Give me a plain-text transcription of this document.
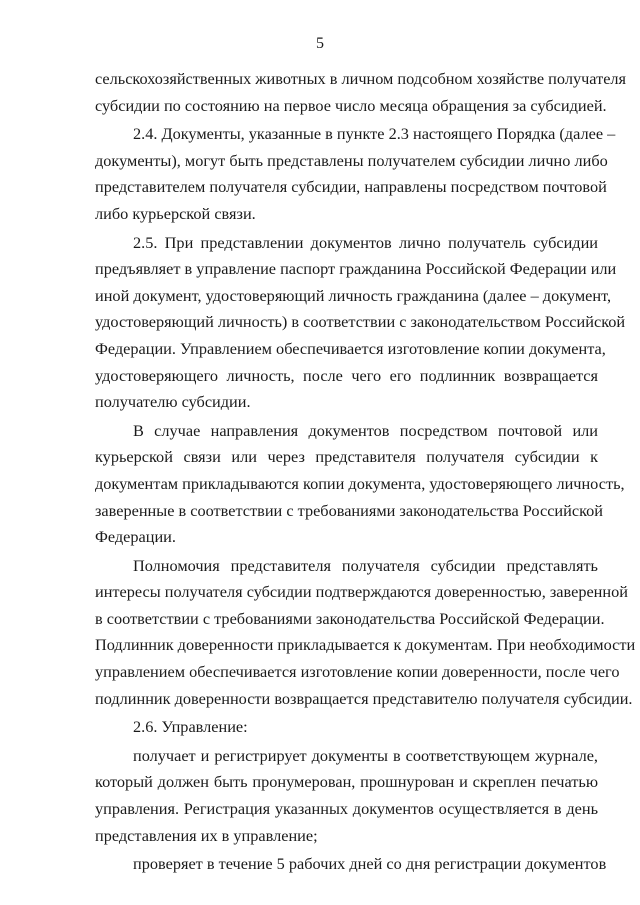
5
сельскохозяйственных животных в личном подсобном хозяйстве получателя
субсидии по состоянию на первое число месяца обращения за субсидией.
2.4. Документы, указанные в пункте 2.3 настоящего Порядка (далее –
документы), могут быть представлены получателем субсидии лично либо
представителем получателя субсидии, направлены посредством почтовой
либо курьерской связи.
2.5. При представлении документов лично получатель субсидии
предъявляет в управление паспорт гражданина Российской Федерации или
иной документ, удостоверяющий личность гражданина (далее – документ,
удостоверяющий личность) в соответствии с законодательством Российской
Федерации. Управлением обеспечивается изготовление копии документа,
удостоверяющего личность, после чего его подлинник возвращается
получателю субсидии.
В случае направления документов посредством почтовой или
курьерской связи или через представителя получателя субсидии к
документам прикладываются копии документа, удостоверяющего личность,
заверенные в соответствии с требованиями законодательства Российской
Федерации.
Полномочия представителя получателя субсидии представлять
интересы получателя субсидии подтверждаются доверенностью, заверенной
в соответствии с требованиями законодательства Российской Федерации.
Подлинник доверенности прикладывается к документам. При необходимости
управлением обеспечивается изготовление копии доверенности, после чего
подлинник доверенности возвращается представителю получателя субсидии.
2.6. Управление:
получает и регистрирует документы в соответствующем журнале,
который должен быть пронумерован, прошнурован и скреплен печатью
управления. Регистрация указанных документов осуществляется в день
представления их в управление;
проверяет в течение 5 рабочих дней со дня регистрации документов
